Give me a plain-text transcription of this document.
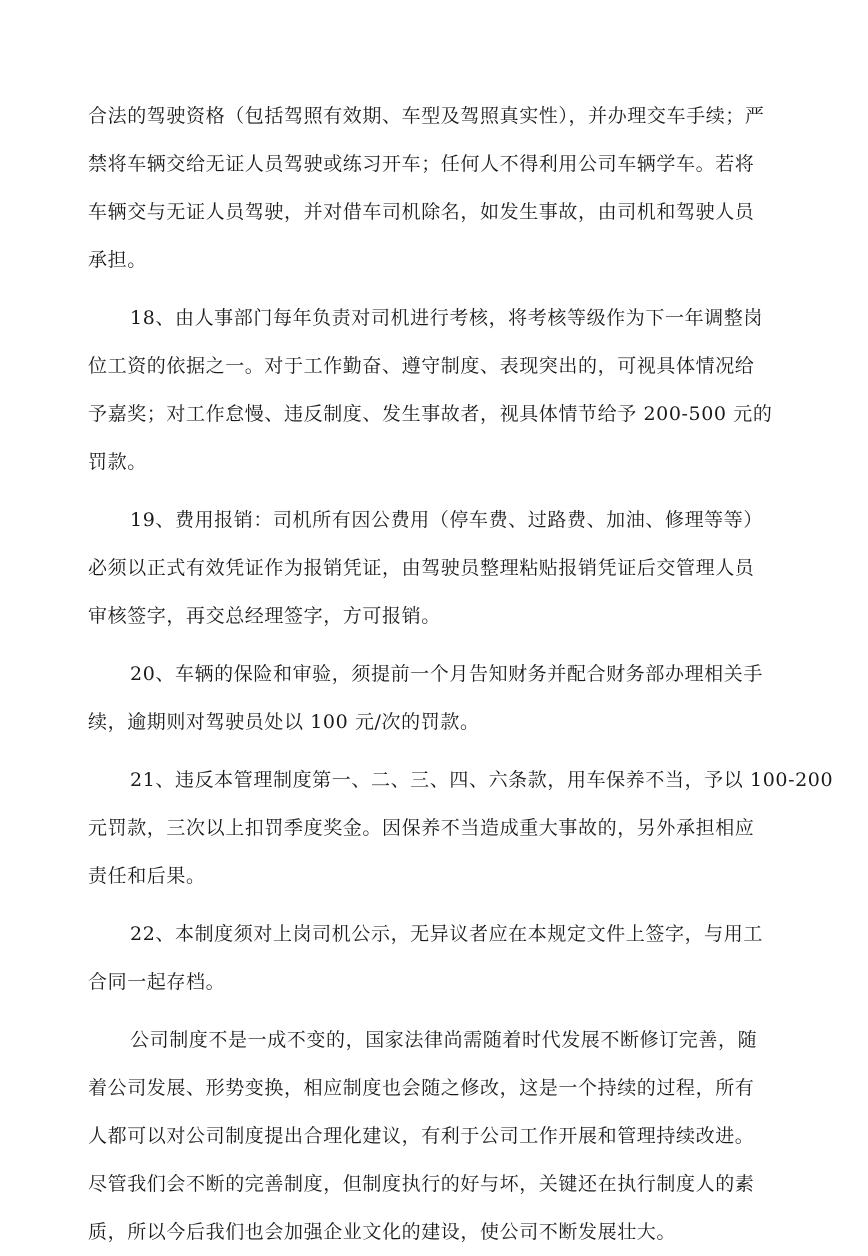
合法的驾驶资格（包括驾照有效期、车型及驾照真实性），并办理交车手续；严
禁将车辆交给无证人员驾驶或练习开车；任何人不得利用公司车辆学车。若将
车辆交与无证人员驾驶，并对借车司机除名，如发生事故，由司机和驾驶人员
承担。
18、由人事部门每年负责对司机进行考核，将考核等级作为下一年调整岗
位工资的依据之一。对于工作勤奋、遵守制度、表现突出的，可视具体情况给
予嘉奖；对工作怠慢、违反制度、发生事故者，视具体情节给予 200-500 元的
罚款。
19、费用报销：司机所有因公费用（停车费、过路费、加油、修理等等）
必须以正式有效凭证作为报销凭证，由驾驶员整理粘贴报销凭证后交管理人员
审核签字，再交总经理签字，方可报销。
20、车辆的保险和审验，须提前一个月告知财务并配合财务部办理相关手
续，逾期则对驾驶员处以 100 元/次的罚款。
21、违反本管理制度第一、二、三、四、六条款，用车保养不当，予以 100-200
元罚款，三次以上扣罚季度奖金。因保养不当造成重大事故的，另外承担相应
责任和后果。
22、本制度须对上岗司机公示，无异议者应在本规定文件上签字，与用工
合同一起存档。
公司制度不是一成不变的，国家法律尚需随着时代发展不断修订完善，随
着公司发展、形势变换，相应制度也会随之修改，这是一个持续的过程，所有
人都可以对公司制度提出合理化建议，有利于公司工作开展和管理持续改进。
尽管我们会不断的完善制度，但制度执行的好与坏，关键还在执行制度人的素
质，所以今后我们也会加强企业文化的建设，使公司不断发展壮大。
